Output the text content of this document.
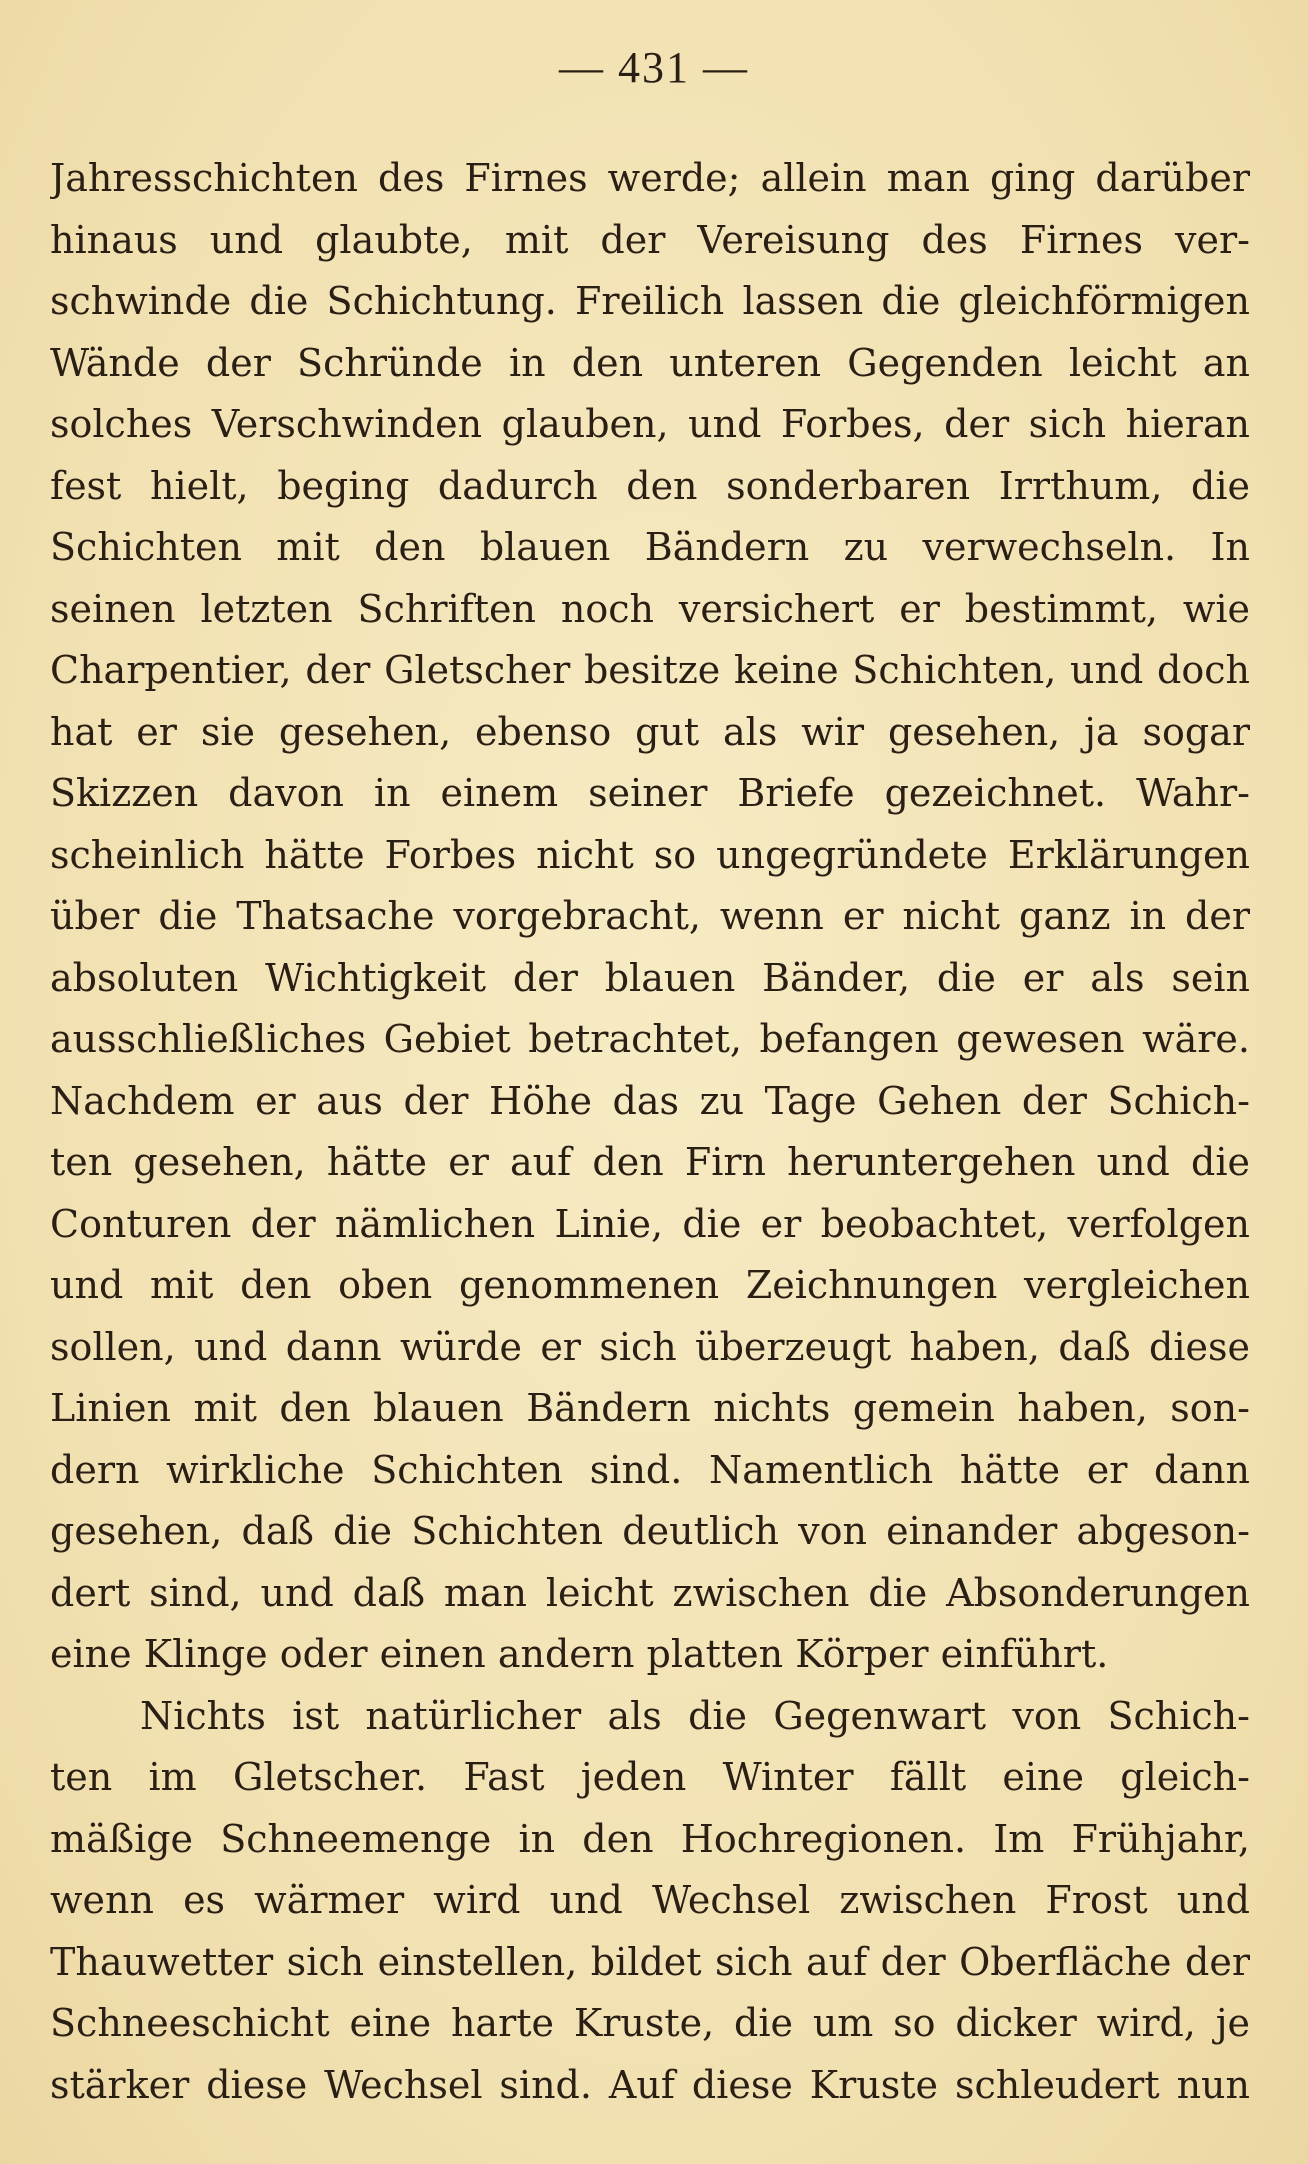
— 431 —
Jahresschichten des Firnes werde; allein man ging darüber
hinaus und glaubte, mit der Vereisung des Firnes ver-
schwinde die Schichtung. Freilich lassen die gleichförmigen
Wände der Schründe in den unteren Gegenden leicht an
solches Verschwinden glauben, und Forbes, der sich hieran
fest hielt, beging dadurch den sonderbaren Irrthum, die
Schichten mit den blauen Bändern zu verwechseln. In
seinen letzten Schriften noch versichert er bestimmt, wie
Charpentier, der Gletscher besitze keine Schichten, und doch
hat er sie gesehen, ebenso gut als wir gesehen, ja sogar
Skizzen davon in einem seiner Briefe gezeichnet. Wahr-
scheinlich hätte Forbes nicht so ungegründete Erklärungen
über die Thatsache vorgebracht, wenn er nicht ganz in der
absoluten Wichtigkeit der blauen Bänder, die er als sein
ausschließliches Gebiet betrachtet, befangen gewesen wäre.
Nachdem er aus der Höhe das zu Tage Gehen der Schich-
ten gesehen, hätte er auf den Firn heruntergehen und die
Conturen der nämlichen Linie, die er beobachtet, verfolgen
und mit den oben genommenen Zeichnungen vergleichen
sollen, und dann würde er sich überzeugt haben, daß diese
Linien mit den blauen Bändern nichts gemein haben, son-
dern wirkliche Schichten sind. Namentlich hätte er dann
gesehen, daß die Schichten deutlich von einander abgeson-
dert sind, und daß man leicht zwischen die Absonderungen
eine Klinge oder einen andern platten Körper einführt.
Nichts ist natürlicher als die Gegenwart von Schich-
ten im Gletscher. Fast jeden Winter fällt eine gleich-
mäßige Schneemenge in den Hochregionen. Im Frühjahr,
wenn es wärmer wird und Wechsel zwischen Frost und
Thauwetter sich einstellen, bildet sich auf der Oberfläche der
Schneeschicht eine harte Kruste, die um so dicker wird, je
stärker diese Wechsel sind. Auf diese Kruste schleudert nun
